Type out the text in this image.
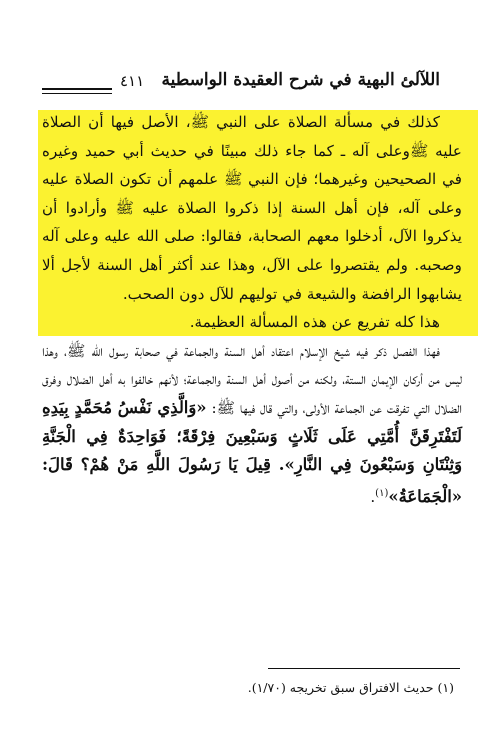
اللآلئ البهية في شرح العقيدة الواسطية
٤١١

كذلك في مسألة الصلاة على النبي ﷺ، الأصل فيها أن الصلاة عليه ﷺوعلى آله ـ كما جاء ذلك مبينًا في حديث أبي حميد وغيره في الصحيحين وغيرهما؛ فإن النبي ﷺ علمهم أن تكون الصلاة عليه وعلى آله، فإن أهل السنة إذا ذكروا الصلاة عليه ﷺ وأرادوا أن يذكروا الآل، أدخلوا معهم الصحابة، فقالوا: صلى الله عليه وعلى آله وصحبه. ولم يقتصروا على الآل، وهذا عند أكثر أهل السنة لأجل ألا يشابهوا الرافضة والشيعة في توليهم للآل دون الصحب.

هذا كله تفريع عن هذه المسألة العظيمة.

فهذا الفصل ذكر فيه شيخ الإسلام اعتقاد أهل السنة والجماعة في صحابة رسول الله ﷺ، وهذا ليس من أركان الإيمان الستة، ولكنه من أصول أهل السنة والجماعة؛ لأنهم خالفوا به أهل الضلال وفرق الضلال التي تفرقت عن الجماعة الأولى، والتي قال فيها ﷺ: «وَالَّذِي نَفْسُ مُحَمَّدٍ بِيَدِهِ لَتَفْتَرِقَنَّ أُمَّتِي عَلَى ثَلَاثٍ وَسَبْعِينَ فِرْقَةً؛ فَوَاحِدَةٌ فِي الْجَنَّةِ وَثِنْتَانِ وَسَبْعُونَ فِي النَّارِ». قِيلَ يَا رَسُولَ اللَّهِ مَنْ هُمْ؟ قَالَ: «الْجَمَاعَةُ»$^{(١)}$.

(١) حديث الافتراق سبق تخريجه (١/٧٠).
